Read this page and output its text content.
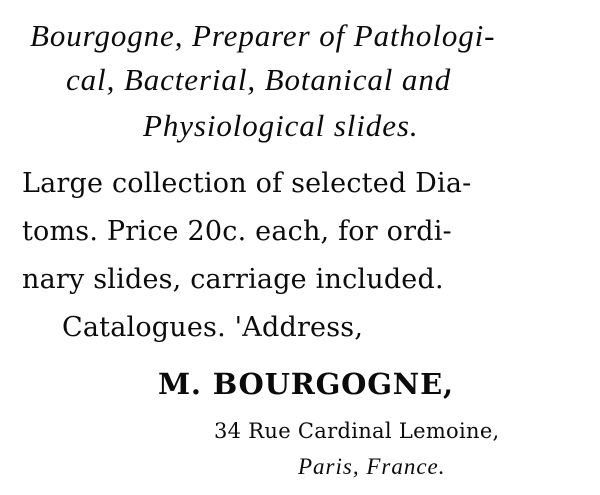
Bourgogne, Preparer of Pathologi-
cal, Bacterial, Botanical and
Physiological slides.
Large collection of selected Dia-
toms. Price 20c. each, for ordi-
nary slides, carriage included.
Catalogues. 'Address,
M. BOURGOGNE,
34 Rue Cardinal Lemoine,
Paris, France.
